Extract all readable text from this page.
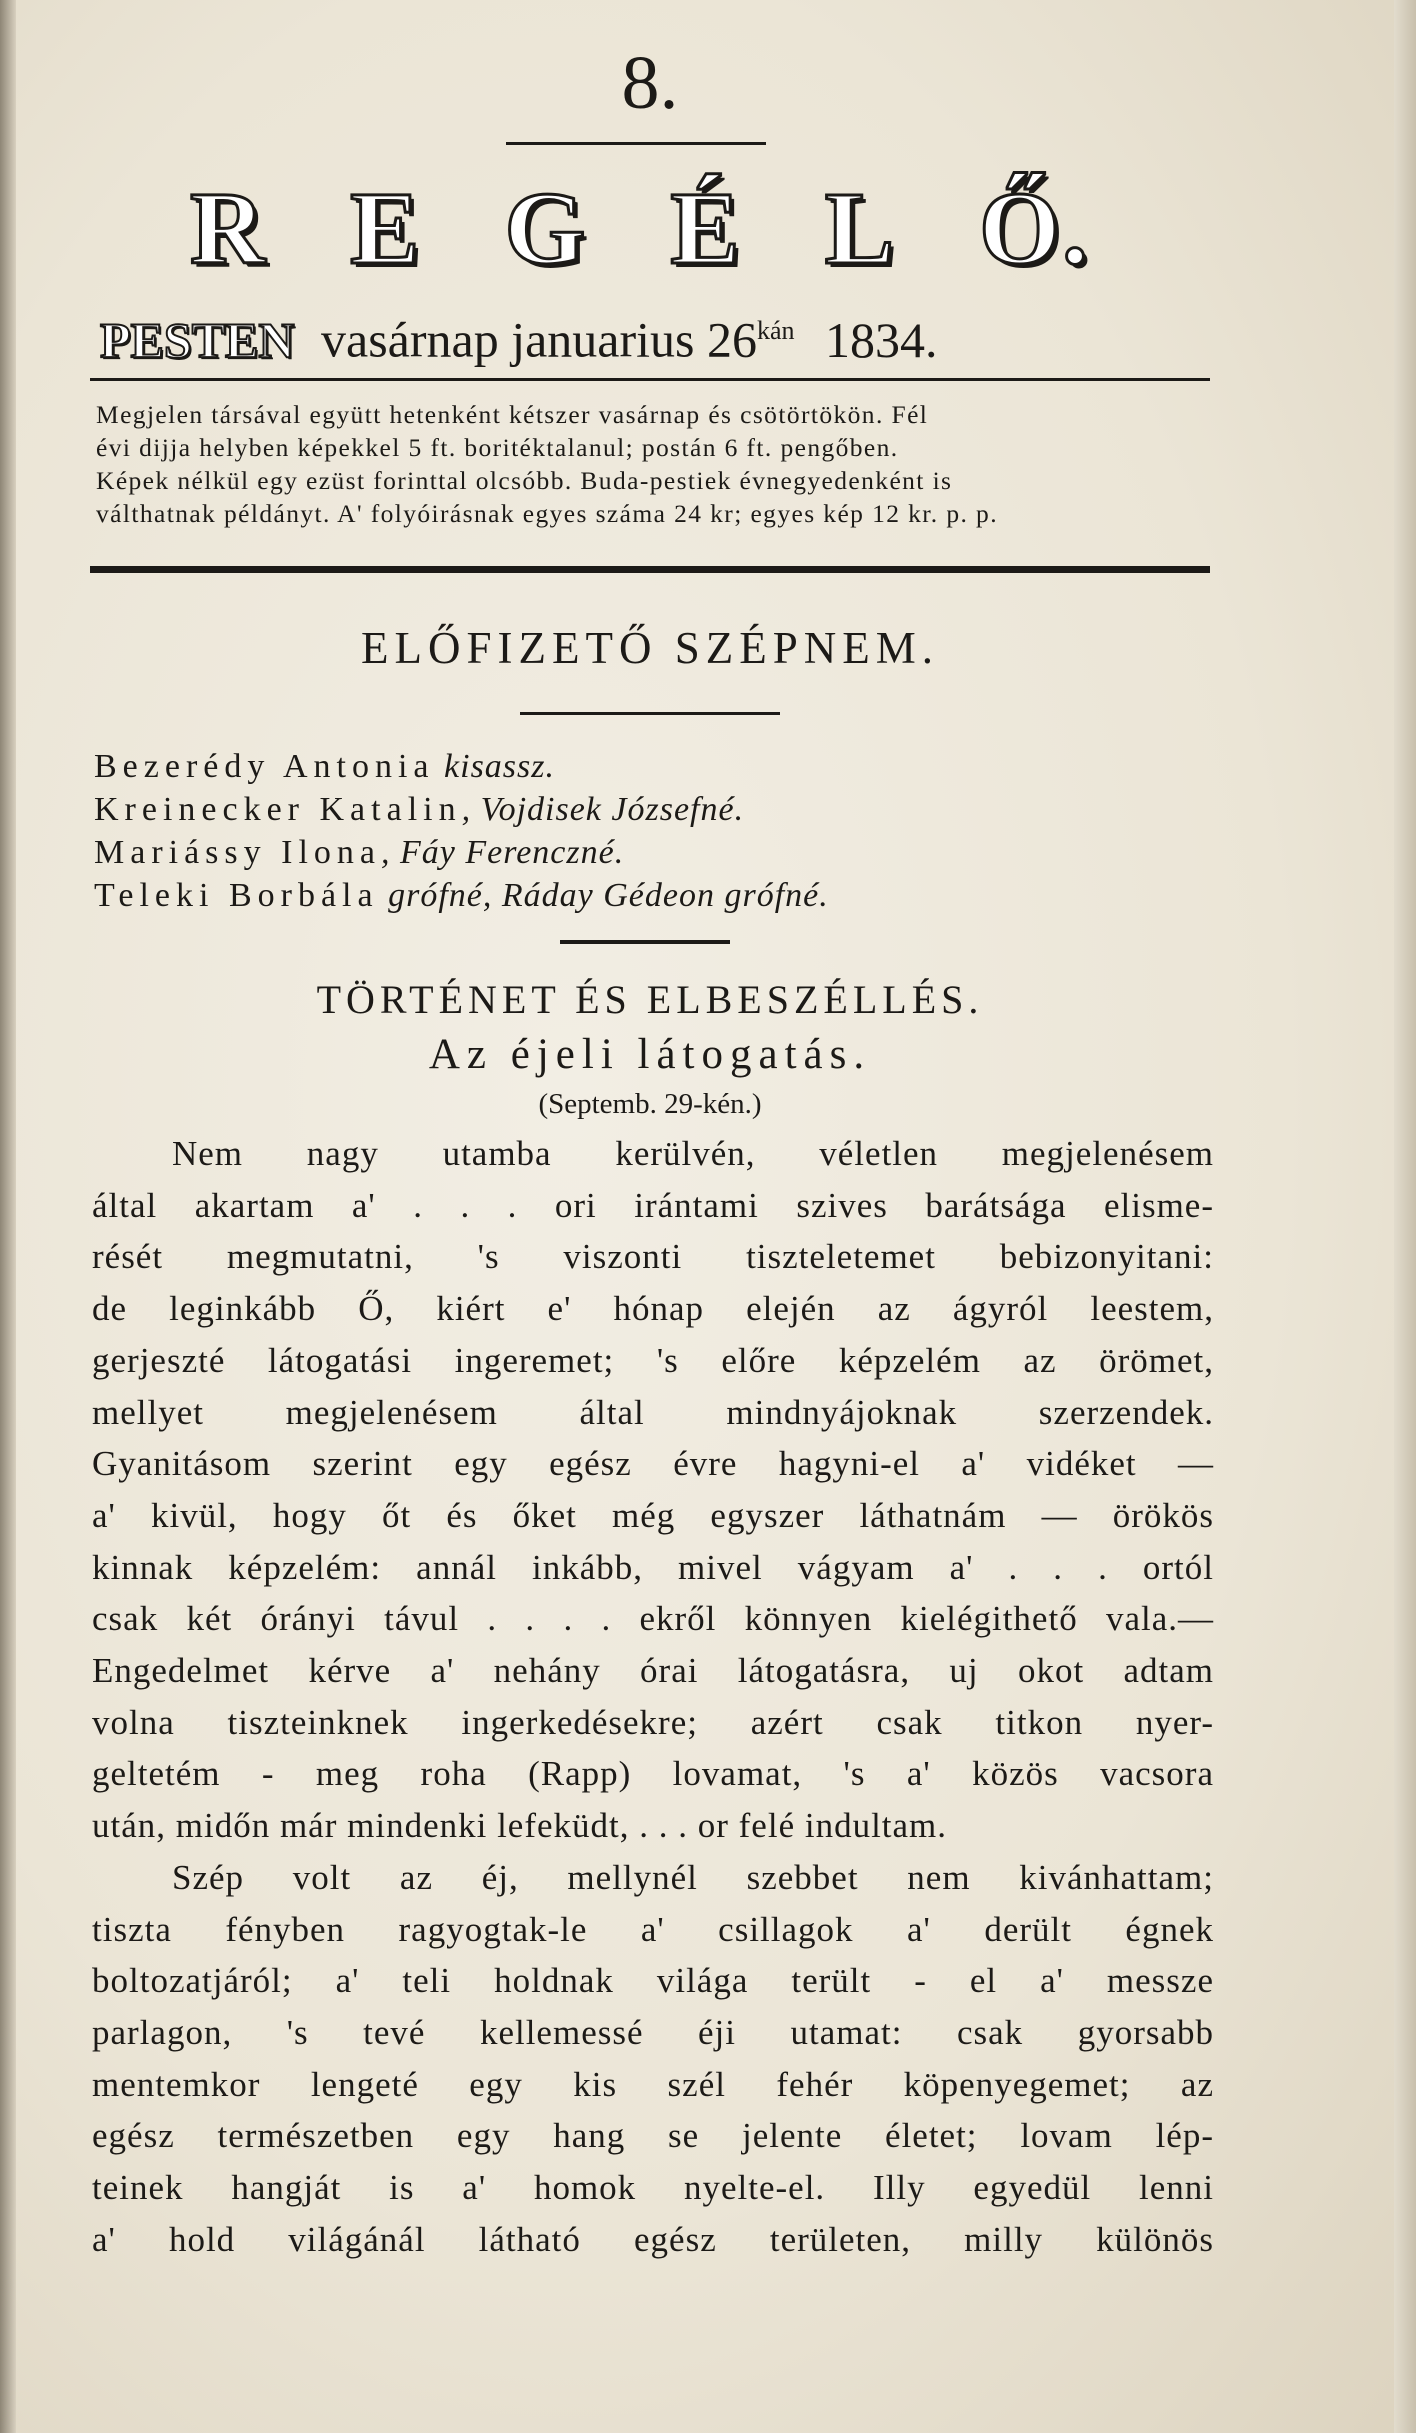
8.
R E G É L Ő.
PESTEN vasárnap januarius $26^{kán}$ 1834.
Megjelen társával együtt hetenként kétszer vasárnap és csötörtökön. Fél
évi dijja helyben képekkel 5 ft. boritéktalanul; postán 6 ft. pengőben.
Képek nélkül egy ezüst forinttal olcsóbb. Buda-pestiek évnegyedenként is
válthatnak példányt. A' folyóirásnak egyes száma 24 kr; egyes kép 12 kr. p. p.
ELŐFIZETŐ SZÉPNEM.
Bezerédy Antonia kisassz.
Kreinecker Katalin, Vojdisek Józsefné.
Mariássy Ilona, Fáy Ferenczné.
Teleki Borbála grófné, Ráday Gédeon grófné.
TÖRTÉNET ÉS ELBESZÉLLÉS.
Az éjeli látogatás.
(Septemb. 29-kén.)
Nem nagy utamba kerülvén, véletlen megjelenésem
által akartam a' . . . ori irántami szives barátsága elisme-
rését megmutatni, 's viszonti tiszteletemet bebizonyitani:
de leginkább Ő, kiért e' hónap elején az ágyról leestem,
gerjeszté látogatási ingeremet; 's előre képzelém az örömet,
mellyet megjelenésem által mindnyájoknak szerzendek.
Gyanitásom szerint egy egész évre hagyni-el a' vidéket —
a' kivül, hogy őt és őket még egyszer láthatnám — örökös
kinnak képzelém: annál inkább, mivel vágyam a' . . . ortól
csak két órányi távul . . . . ekről könnyen kielégithető vala.—
Engedelmet kérve a' nehány órai látogatásra, uj okot adtam
volna tiszteinknek ingerkedésekre; azért csak titkon nyer-
geltetém - meg roha (Rapp) lovamat, 's a' közös vacsora
után, midőn már mindenki lefeküdt, . . . or felé indultam.
Szép volt az éj, mellynél szebbet nem kivánhattam;
tiszta fényben ragyogtak-le a' csillagok a' derült égnek
boltozatjáról; a' teli holdnak világa terült - el a' messze
parlagon, 's tevé kellemessé éji utamat: csak gyorsabb
mentemkor lengeté egy kis szél fehér köpenyegemet; az
egész természetben egy hang se jelente életet; lovam lép-
teinek hangját is a' homok nyelte-el. Illy egyedül lenni
a' hold világánál látható egész területen, milly különös
